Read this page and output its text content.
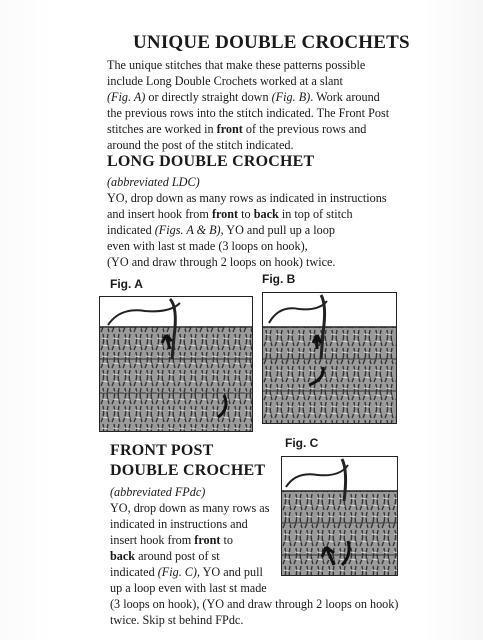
UNIQUE DOUBLE CROCHETS
The unique stitches that make these patterns possible
include Long Double Crochets worked at a slant
(Fig. A) or directly straight down (Fig. B). Work around
the previous rows into the stitch indicated. The Front Post
stitches are worked in front of the previous rows and
around the post of the stitch indicated.
LONG DOUBLE CROCHET
(abbreviated LDC)
YO, drop down as many rows as indicated in instructions
and insert hook from front to back in top of stitch
indicated (Figs. A & B), YO and pull up a loop
even with last st made (3 loops on hook),
(YO and draw through 2 loops on hook) twice.
Fig. A	Fig. B
FRONT POST
DOUBLE CROCHET
(abbreviated FPdc)
YO, drop down as many rows as
indicated in instructions and
insert hook from front to
back around post of st
indicated (Fig. C), YO and pull
up a loop even with last st made
(3 loops on hook), (YO and draw through 2 loops on hook)
twice. Skip st behind FPdc.
Fig. C
